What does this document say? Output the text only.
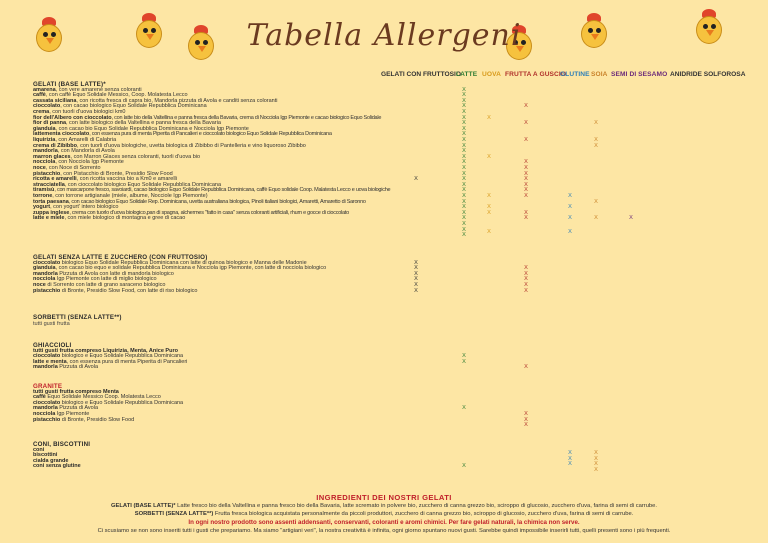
Tabella Allergeni
GELATI CON FRUTTOSIO
LATTE UOVA FRUTTA A GUSCIO
GLUTINE SOIA SEMI DI SESAMO ANIDRIDE SOLFOROSA
GELATI (BASE LATTE)*
GELATI SENZA LATTE E ZUCCHERO (CON FRUTTOSIO)
SORBETTI (SENZA LATTE**)
tutti gusti frutta
GHIACCIOLI
GRANITE
CONI, BISCOTTINI
amarena, con vere amarene senza coloranti
caffè, con caffè Equo Solidale Messico, Coop. Molatesta Lecco
cassata siciliana, con ricotta fresca di capra bio, Mandorla pizzuta di Avola e canditi senza coloranti
cioccolato, con cacao biologico Equo Solidale Repubblica Dominicana
crema, con tuorli d'uova biologici km0
fior dell'Albero con cioccolato, con latte bio della Valtellina e panna fresca della Bavaria, crema di Nocciola Igp Piemonte e cacao biologico Equo Solidale
fior di panna, con latte biologico della Valtellina e panna fresca della Bavaria
gianduia, con cacao bio Equo Solidale Repubblica Dominicana e Nocciola Igp Piemonte
lattementa cioccolato, con essenza pura di menta Piperita di Pancalieri e cioccolato biologico Equo Solidale Repubblica Dominicana
liquirizia, con Amarelli di Calabria
crema di Zibibbo, con tuorli d'uova biologiche, uvetta biologica di Zibibbo di Pantelleria e vino liquoroso Zibibbo
mandorla, con Mandorla di Avola
marron glaces, con Marron Glaces senza coloranti, tuorli d'uova bio
nocciola, con Nocciola Igp Piemonte
noce, con Noce di Sorrento
pistacchio, con Pistacchio di Bronte, Presidio Slow Food
ricotta e amarelli, con ricotta vaccina bio a Km0 e amarelli
stracciatella, con cioccolato biologico Equo Solidale Repubblica Dominicana
tiramisù, con mascarpone fresco, savoiardi, cacao biologico Equo Solidale Repubblica Dominicana, caffè Equo solidale Coop. Malatesta Lecco e uova biologiche
torrone, con torrone artigianale (miele, albume, Nocciole Igp Piemonte)
torta paesana, con cacao biologico Equo Solidale Rep. Dominicana, uvetta australiana biologica, Pinoli italiani biologici, Amaretti, Amaretto di Saronno
yogurt, con yogurt' intero biologico
zuppa inglese, crema con tuorlo d'uova biologico,pan di spagna, alchermes "fatto in casa" senza coloranti artificiali, rhum e gocce di cioccolato
latte e miele, con miele biologico di montagna e gree di cacao
cioccolato biologico Equo Solidale Repubblica Dominicana con latte di quinoa biologico e Manna delle Madonie
gianduia, con cacao bio equo e solidale Repubblica Dominicana e Nocciola igp Piemonte, con latte di nocciola biologico
mandorla Pizzuta di Avola con latte di mandorla biologico
nocciola Igp Piemonte con latte di miglio biologico
noce di Sorrento con latte di grano saraceno biologico
pistacchio di Bronte, Presidio Slow Food, con latte di riso biologico
tutti gusti frutta compreso Liquirizia, Menta, Anice Puro
cioccolato biologico e Equo Solidale Repubblica Dominicana
latte e menta, con essenza pura di menta Piperita di Pancalieri
mandorla Pizzuta di Avola
tutti gusti frutta compreso Menta
caffè Equo Solidale Messico Coop. Molatesta Lecco
cioccolato biologico e Equo Solidale Repubblica Dominicana
mandorla Pizzuta di Avola
nocciola Igp Piemonte
pistacchio di Bronte, Presidio Slow Food
coni
biscottini
cialda grande
coni senza glutine
X
X
X
X
X
X
X
X
X
X
X
X
X
X
X
X
X
X
X
X
X
X
X
X
X
X
X
X
X
X
X
X
X
X
X
X
X
X
X
X
X
X
X
X
X
X
X
X
X
X
X
X
X
X	X
X
X
X
X
X
X
X
X
X
X
X
X
X
X
X
X
X
X
X
X
X
X
X
X
X
X
X
INGREDIENTI DEI NOSTRI GELATI
GELATI (BASE LATTE)* Latte fresco bio della Valtellina e panna fresco bio della Bavaria, latte scremato in polvere bio, zucchero di canna grezzo bio, sciroppo di glucosio, zucchero d'uva, farina di semi di carrube.
SORBETTI (SENZA LATTE**) Frutta fresca biologica acquistata personalmente da piccoli produttori, zucchero di canna grezzo bio, sciroppo di glucosio, zucchero d'uva, farina di semi di carrube.
In ogni nostro prodotto sono assenti addensanti, conservanti, coloranti e aromi chimici. Per fare gelati naturali, la chimica non serve.
Ci scusiamo se non sono inseriti tutti i gusti che prepariamo. Ma siamo "artigiani veri", la nostra creatività è infinita, ogni giorno spuntano nuovi gusti. Sarebbe quindi impossibile inserirli tutti, quelli presenti sono i più frequenti.
